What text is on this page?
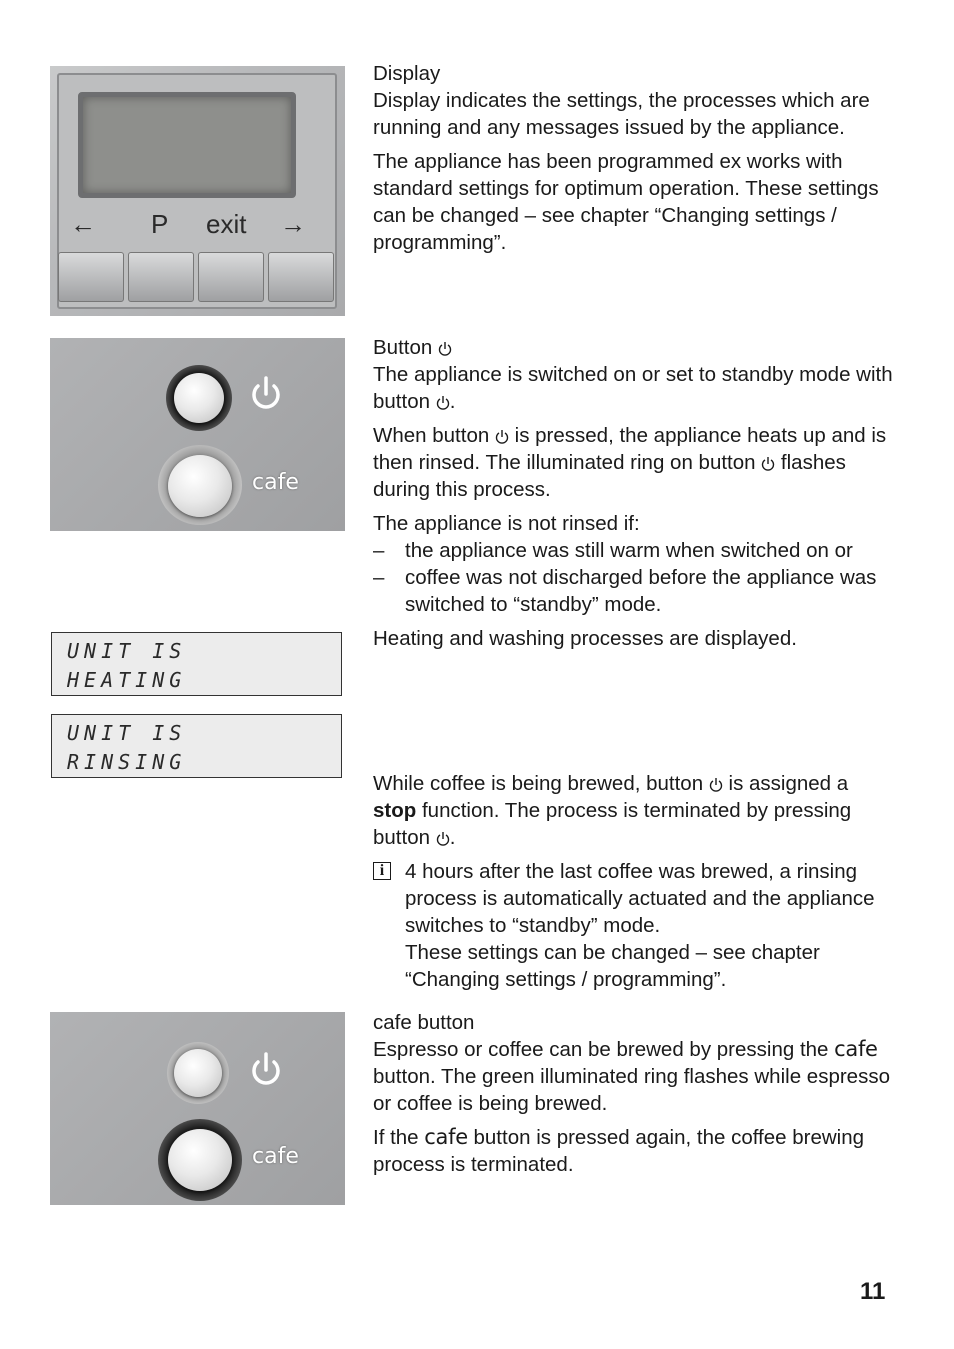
← P exit →

Display

Display indicates the settings, the processes which are running and any messages issued by the appliance.

The appliance has been programmed ex works with standard settings for optimum operation. These settings can be changed – see chapter “Changing settings / programming”.

cafe

Button

The appliance is switched on or set to standby mode with button
.

When button
is pressed, the appliance heats up and is then rinsed. The illuminated ring on button
flashes during this process.

The appliance is not rinsed if:

– the appliance was still warm when switched on or
– coffee was not discharged before the appliance was switched to “standby” mode.

Heating and washing processes are displayed.

UNIT IS
HEATING
UNIT IS
RINSING

While coffee is being brewed, button
is assigned a stop function. The process is terminated by pressing button
.

i	4 hours after the last coffee was brewed, a rinsing process is automatically actuated and the appliance switches to “standby” mode.

These settings can be changed – see chapter “Changing settings / programming”.

cafe

cafe button

Espresso or coffee can be brewed by pressing the cafe button. The green illuminated ring flashes while espresso or coffee is being brewed.

If the cafe button is pressed again, the coffee brewing process is terminated.

11
